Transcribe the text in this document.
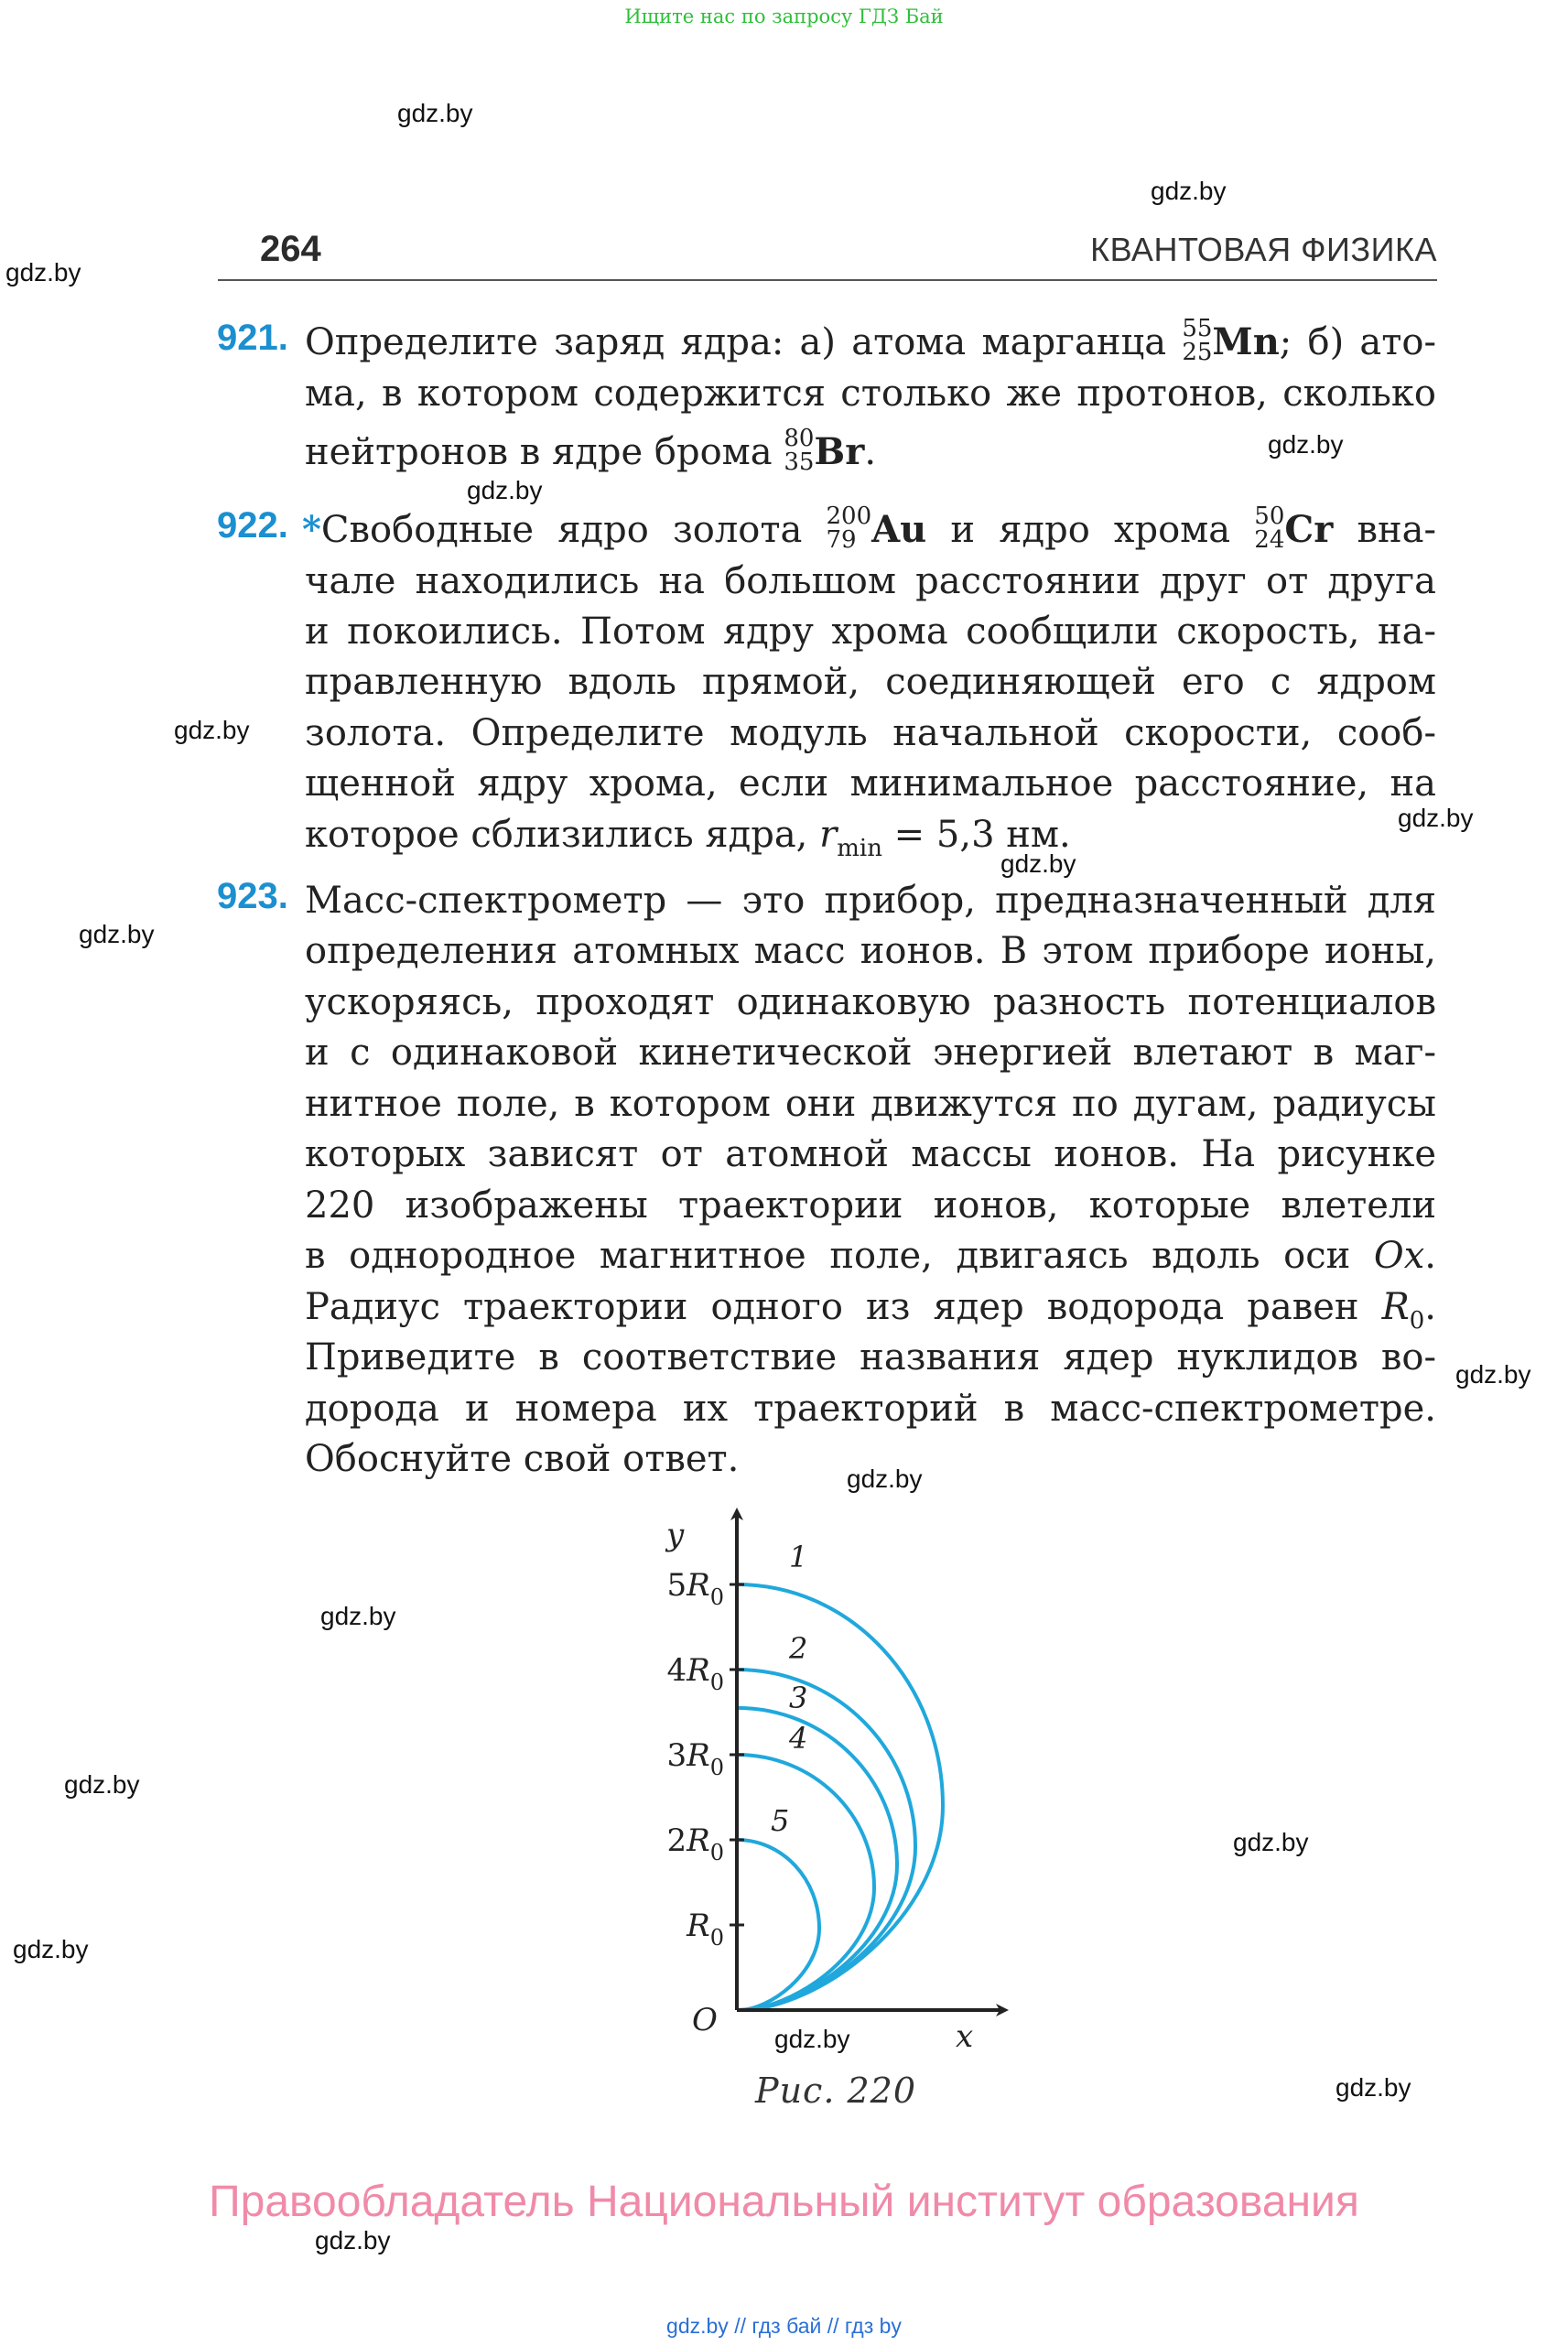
Ищите нас по запросу ГДЗ Бай
gdz.by
gdz.by
gdz.by
gdz.by
gdz.by
gdz.by
gdz.by
gdz.by
gdz.by
gdz.by
gdz.by
gdz.by
gdz.by
gdz.by
gdz.by
gdz.by
gdz.by
gdz.by
264	КВАНТОВАЯ ФИЗИКА
921. Определите заряд ядра: а) атома марганца 55
25 Mn; б) ато-
ма, в котором содержится столько же протонов, сколько
нейтронов в ядре брома 80
35 Br.
922. *Свободные ядро золота 200
79 Au и ядро хрома 50
24 Cr вна-
чале находились на большом расстоянии друг от друга
и покоились. Потом ядру хрома сообщили скорость, на-
правленную вдоль прямой, соединяющей его с ядром
золота. Определите модуль начальной скорости, сооб-
щенной ядру хрома, если минимальное расстояние, на
которое сблизились ядра, $r_{min} = 5,3$ нм.
923. Масс-спектрометр — это прибор, предназначенный для
определения атомных масс ионов. В этом приборе ионы,
ускоряясь, проходят одинаковую разность потенциалов
и с одинаковой кинетической энергией влетают в маг-
нитное поле, в котором они движутся по дугам, радиусы
которых зависят от атомной массы ионов. На рисунке
220 изображены траектории ионов, которые влетели
в однородное магнитное поле, двигаясь вдоль оси Ox.
Радиус траектории одного из ядер водорода равен $R_0$.
Приведите в соответствие названия ядер нуклидов во-
дорода и номера их траекторий в масс-спектрометре.
Обоснуйте свой ответ.
y
x
O
$5R_0$
$4R_0$
$3R_0$
$2R_0$
$R_0$
1
2
3
4
5
Рис. 220
Правообладатель Национальный институт образования
gdz.by // гдз бай // гдз by
